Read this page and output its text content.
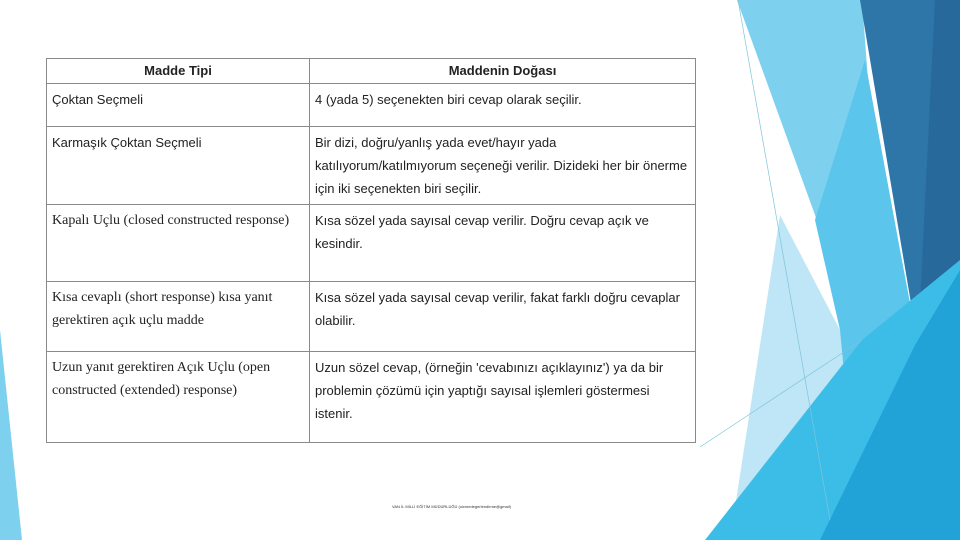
Madde Tipi	Maddenin Doğası
Çoktan Seçmeli	4 (yada 5) seçenekten biri cevap olarak seçilir.
Karmaşık Çoktan Seçmeli	Bir dizi, doğru/yanlış yada evet/hayır yada katılıyorum/katılmıyorum seçeneği verilir. Dizideki her bir önerme için iki seçenekten biri seçilir.
Kapalı Uçlu (closed constructed response)	Kısa sözel yada sayısal cevap verilir. Doğru cevap açık ve kesindir.
Kısa cevaplı (short response) kısa yanıt gerektiren açık uçlu madde	Kısa sözel yada sayısal cevap verilir, fakat farklı doğru cevaplar olabilir.
Uzun yanıt gerektiren Açık Uçlu (open constructed (extended) response)	Uzun sözel cevap, (örneğin 'cevabınızı açıklayınız') ya da bir problemin çözümü için yaptığı sayısal işlemleri göstermesi istenir.
VAN İL MİLLİ EĞİTİM MÜDÜRLÜĞÜ (olcmedegerlendirme@gmail)
